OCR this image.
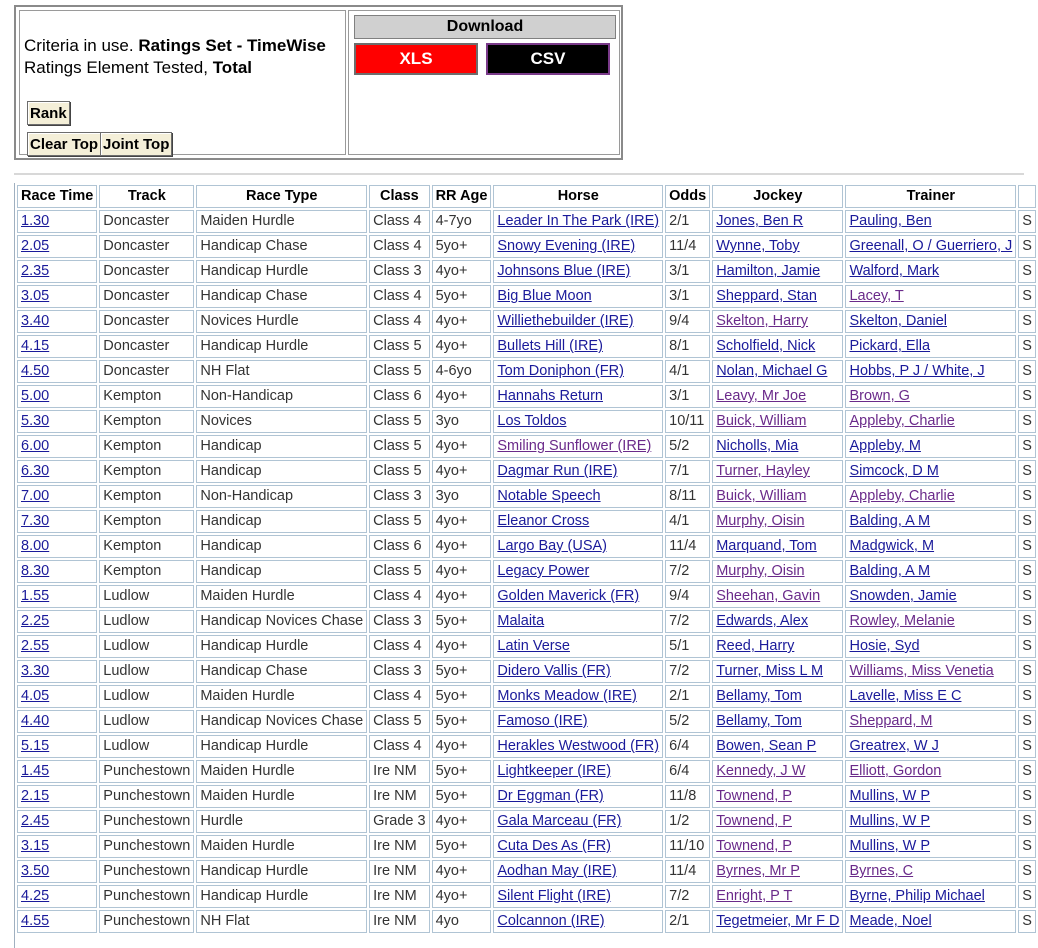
Criteria in use. Ratings Set - TimeWise
Ratings Element Tested, Total
Rank
Clear Top Joint Top
Download
XLS	CSV
Race Time	Track	Race Type	Class	RR Age	Horse	Odds	Jockey	Trainer	
1.30	Doncaster	Maiden Hurdle	Class 4	4-7yo	Leader In The Park (IRE)	2/1	Jones, Ben R	Pauling, Ben	S
2.05	Doncaster	Handicap Chase	Class 4	5yo+	Snowy Evening (IRE)	11/4	Wynne, Toby	Greenall, O / Guerriero, J	S
2.35	Doncaster	Handicap Hurdle	Class 3	4yo+	Johnsons Blue (IRE)	3/1	Hamilton, Jamie	Walford, Mark	S
3.05	Doncaster	Handicap Chase	Class 4	5yo+	Big Blue Moon	3/1	Sheppard, Stan	Lacey, T	S
3.40	Doncaster	Novices Hurdle	Class 4	4yo+	Williethebuilder (IRE)	9/4	Skelton, Harry	Skelton, Daniel	S
4.15	Doncaster	Handicap Hurdle	Class 5	4yo+	Bullets Hill (IRE)	8/1	Scholfield, Nick	Pickard, Ella	S
4.50	Doncaster	NH Flat	Class 5	4-6yo	Tom Doniphon (FR)	4/1	Nolan, Michael G	Hobbs, P J / White, J	S
5.00	Kempton	Non-Handicap	Class 6	4yo+	Hannahs Return	3/1	Leavy, Mr Joe	Brown, G	S
5.30	Kempton	Novices	Class 5	3yo	Los Toldos	10/11	Buick, William	Appleby, Charlie	S
6.00	Kempton	Handicap	Class 5	4yo+	Smiling Sunflower (IRE)	5/2	Nicholls, Mia	Appleby, M	S
6.30	Kempton	Handicap	Class 5	4yo+	Dagmar Run (IRE)	7/1	Turner, Hayley	Simcock, D M	S
7.00	Kempton	Non-Handicap	Class 3	3yo	Notable Speech	8/11	Buick, William	Appleby, Charlie	S
7.30	Kempton	Handicap	Class 5	4yo+	Eleanor Cross	4/1	Murphy, Oisin	Balding, A M	S
8.00	Kempton	Handicap	Class 6	4yo+	Largo Bay (USA)	11/4	Marquand, Tom	Madgwick, M	S
8.30	Kempton	Handicap	Class 5	4yo+	Legacy Power	7/2	Murphy, Oisin	Balding, A M	S
1.55	Ludlow	Maiden Hurdle	Class 4	4yo+	Golden Maverick (FR)	9/4	Sheehan, Gavin	Snowden, Jamie	S
2.25	Ludlow	Handicap Novices Chase	Class 3	5yo+	Malaita	7/2	Edwards, Alex	Rowley, Melanie	S
2.55	Ludlow	Handicap Hurdle	Class 4	4yo+	Latin Verse	5/1	Reed, Harry	Hosie, Syd	S
3.30	Ludlow	Handicap Chase	Class 3	5yo+	Didero Vallis (FR)	7/2	Turner, Miss L M	Williams, Miss Venetia	S
4.05	Ludlow	Maiden Hurdle	Class 4	5yo+	Monks Meadow (IRE)	2/1	Bellamy, Tom	Lavelle, Miss E C	S
4.40	Ludlow	Handicap Novices Chase	Class 5	5yo+	Famoso (IRE)	5/2	Bellamy, Tom	Sheppard, M	S
5.15	Ludlow	Handicap Hurdle	Class 4	4yo+	Herakles Westwood (FR)	6/4	Bowen, Sean P	Greatrex, W J	S
1.45	Punchestown	Maiden Hurdle	Ire NM	5yo+	Lightkeeper (IRE)	6/4	Kennedy, J W	Elliott, Gordon	S
2.15	Punchestown	Maiden Hurdle	Ire NM	5yo+	Dr Eggman (FR)	11/8	Townend, P	Mullins, W P	S
2.45	Punchestown	Hurdle	Grade 3	4yo+	Gala Marceau (FR)	1/2	Townend, P	Mullins, W P	S
3.15	Punchestown	Maiden Hurdle	Ire NM	5yo+	Cuta Des As (FR)	11/10	Townend, P	Mullins, W P	S
3.50	Punchestown	Handicap Hurdle	Ire NM	4yo+	Aodhan May (IRE)	11/4	Byrnes, Mr P	Byrnes, C	S
4.25	Punchestown	Handicap Hurdle	Ire NM	4yo+	Silent Flight (IRE)	7/2	Enright, P T	Byrne, Philip Michael	S
4.55	Punchestown	NH Flat	Ire NM	4yo	Colcannon (IRE)	2/1	Tegetmeier, Mr F D	Meade, Noel	S
